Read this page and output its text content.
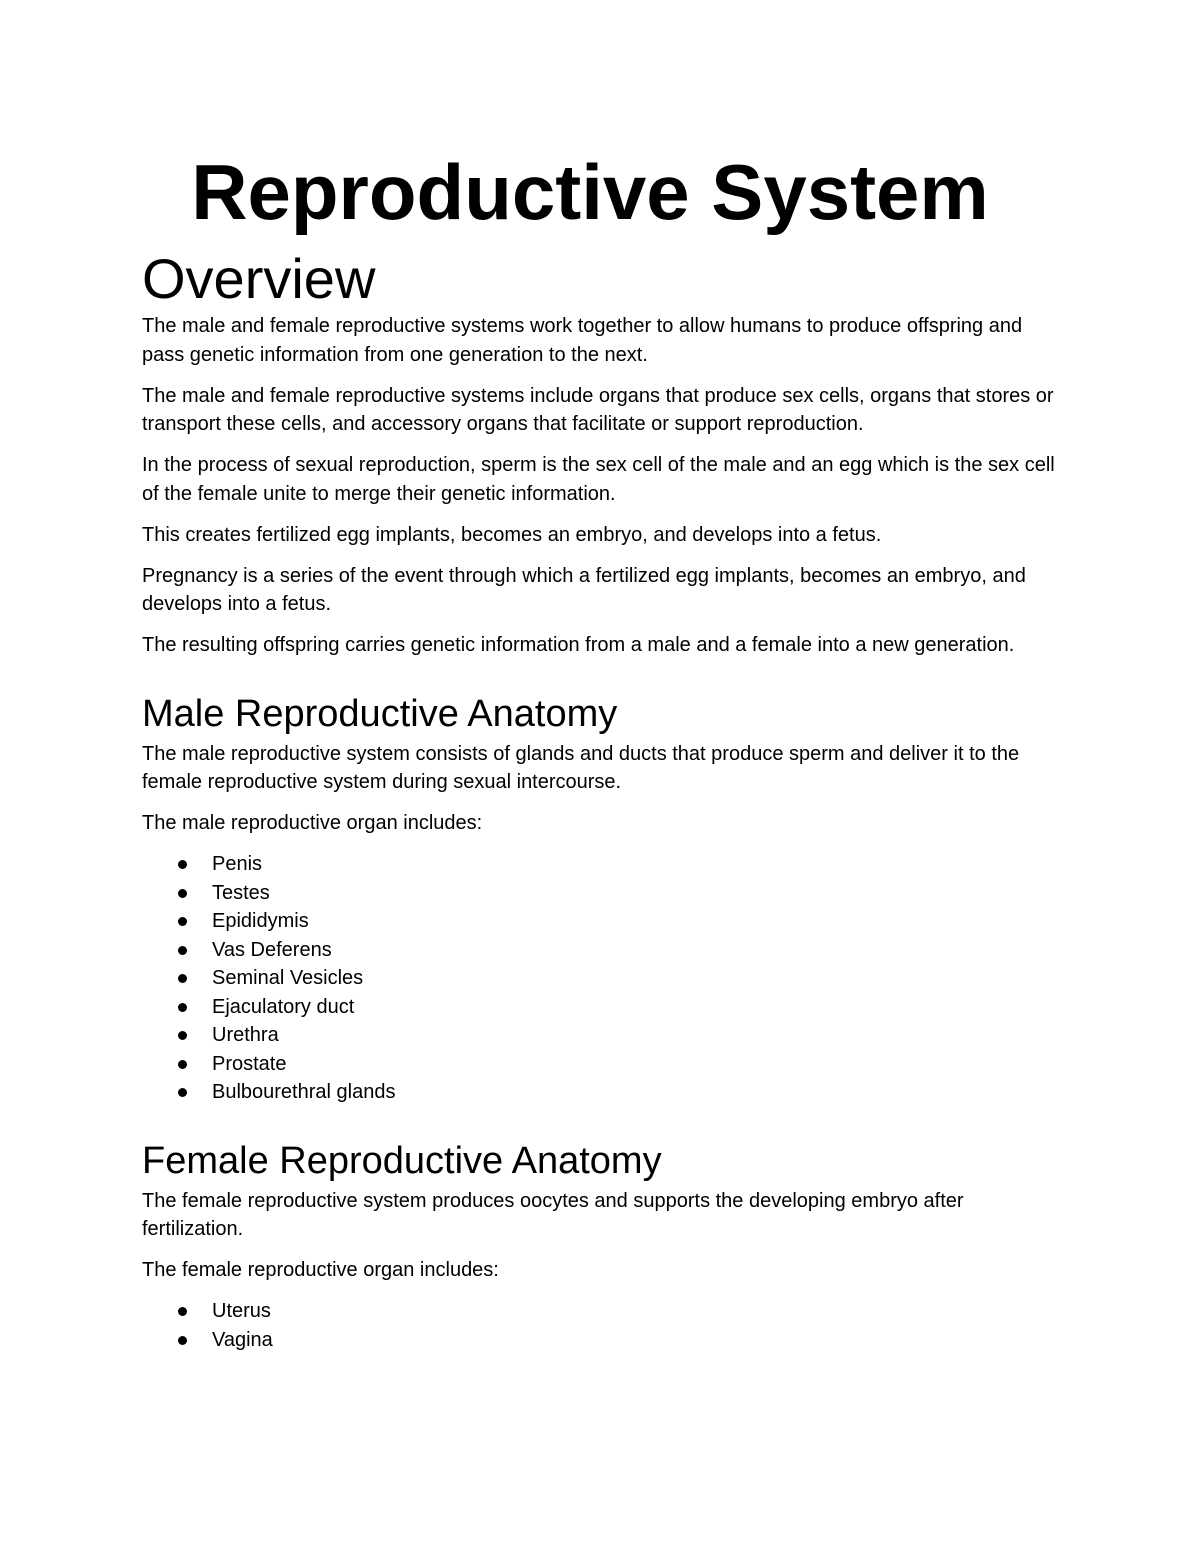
Reproductive System
Overview

The male and female reproductive systems work together to allow humans to produce offspring and pass genetic information from one generation to the next.

The male and female reproductive systems include organs that produce sex cells, organs that stores or transport these cells, and accessory organs that facilitate or support reproduction.

In the process of sexual reproduction, sperm is the sex cell of the male and an egg which is the sex cell of the female unite to merge their genetic information.

This creates fertilized egg implants, becomes an embryo, and develops into a fetus.

Pregnancy is a series of the event through which a fertilized egg implants, becomes an embryo, and develops into a fetus.

The resulting offspring carries genetic information from a male and a female into a new generation.

Male Reproductive Anatomy

The male reproductive system consists of glands and ducts that produce sperm and deliver it to the female reproductive system during sexual intercourse.

The male reproductive organ includes:

Penis
Testes
Epididymis
Vas Deferens
Seminal Vesicles
Ejaculatory duct
Urethra
Prostate
Bulbourethral glands
Female Reproductive Anatomy

The female reproductive system produces oocytes and supports the developing embryo after fertilization.

The female reproductive organ includes:

Uterus
Vagina
